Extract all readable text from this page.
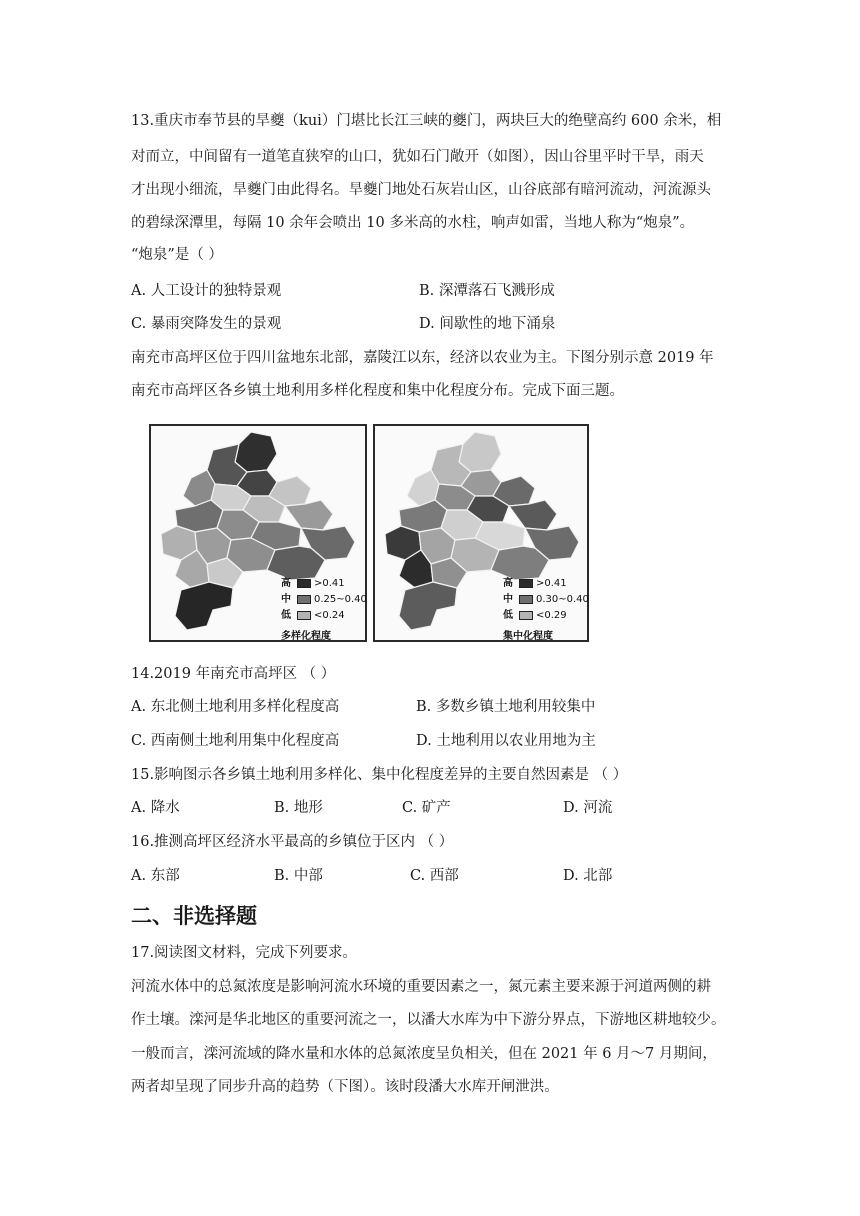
13.重庆市奉节县的旱夔（kui）门堪比长江三峡的夔门，两块巨大的绝壁高约 600 余米，相
对而立，中间留有一道笔直狭窄的山口，犹如石门敞开（如图），因山谷里平时干旱，雨天
才出现小细流，旱夔门由此得名。旱夔门地处石灰岩山区，山谷底部有暗河流动，河流源头
的碧绿深潭里，每隔 10 余年会喷出 10 多米高的水柱，响声如雷，当地人称为“炮泉”。
“炮泉”是（ ）
A. 人工设计的独特景观	B. 深潭落石飞溅形成
C. 暴雨突降发生的景观	D. 间歇性的地下涌泉
南充市高坪区位于四川盆地东北部，嘉陵江以东，经济以农业为主。下图分别示意 2019 年
南充市高坪区各乡镇土地利用多样化程度和集中化程度分布。完成下面三题。
高	>0.41
中	0.25~0.40
低	<0.24
多样化程度
高	>0.41
中	0.30~0.40
低	<0.29
集中化程度
14.2019 年南充市高坪区 （ ）
A. 东北侧土地利用多样化程度高	B. 多数乡镇土地利用较集中
C. 西南侧土地利用集中化程度高	D. 土地利用以农业用地为主
15.影响图示各乡镇土地利用多样化、集中化程度差异的主要自然因素是 （ ）
A. 降水	B. 地形	C. 矿产	D. 河流
16.推测高坪区经济水平最高的乡镇位于区内 （ ）
A. 东部	B. 中部	C. 西部	D. 北部
二、非选择题
17.阅读图文材料，完成下列要求。
河流水体中的总氮浓度是影响河流水环境的重要因素之一，氮元素主要来源于河道两侧的耕
作土壤。滦河是华北地区的重要河流之一，以潘大水库为中下游分界点，下游地区耕地较少。
一般而言，滦河流域的降水量和水体的总氮浓度呈负相关，但在 2021 年 6 月～7 月期间，
两者却呈现了同步升高的趋势（下图）。该时段潘大水库开闸泄洪。
